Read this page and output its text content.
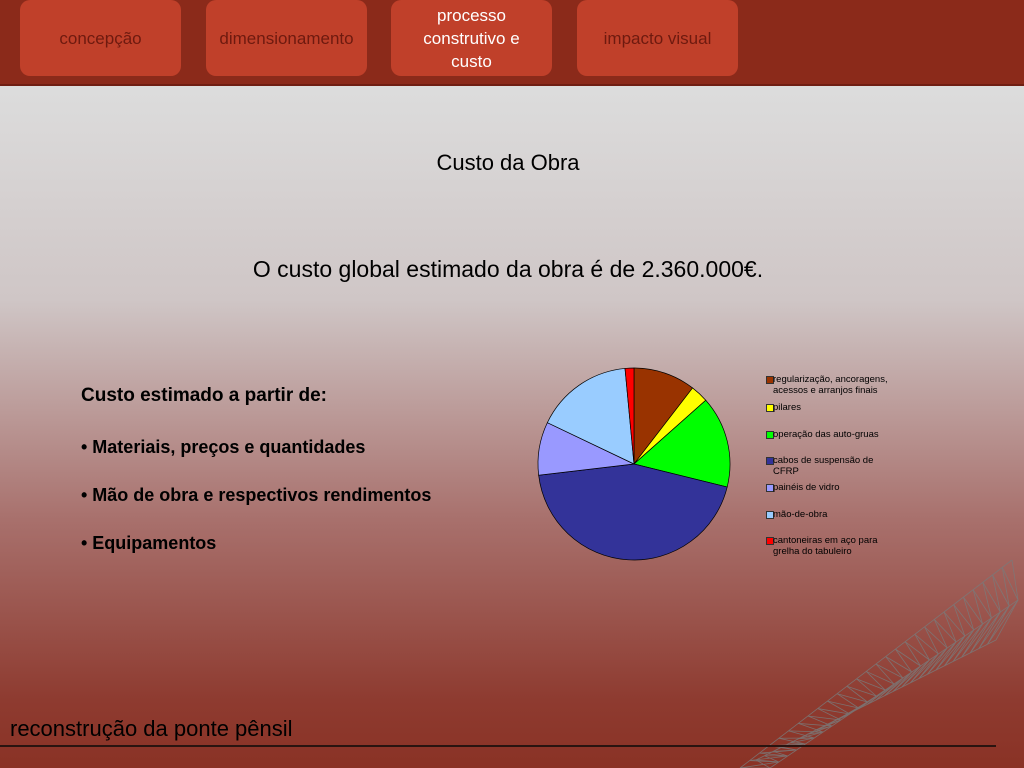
concepção	dimensionamento
processo construtivo e custo
impacto visual
Custo da Obra
O custo global estimado da obra é de 2.360.000€.
Custo estimado a partir de:
• Materiais, preços e quantidades
• Mão de obra e respectivos rendimentos
• Equipamentos
regularização, ancoragens, acessos e arranjos finais
pilares
operação das auto-gruas
cabos de suspensão de CFRP
painéis de vidro
mão-de-obra
cantoneiras em aço para grelha do tabuleiro
reconstrução da ponte pênsil
